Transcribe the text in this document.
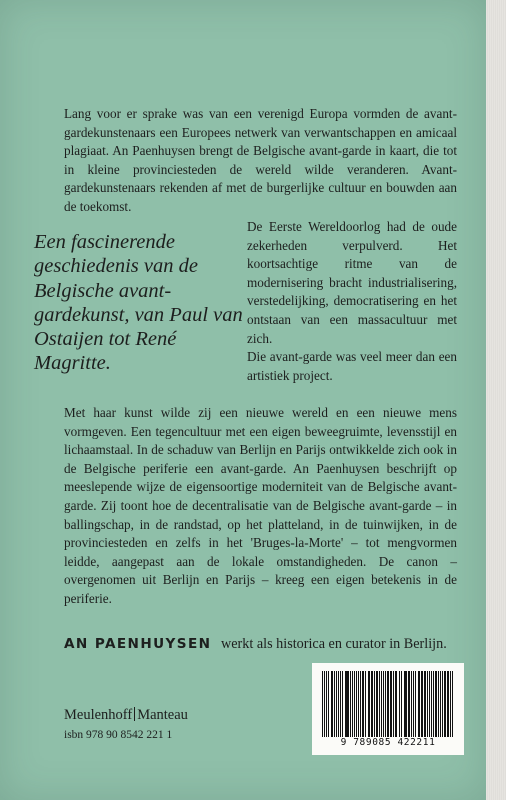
Lang voor er sprake was van een verenigd Europa vormden de avant-gardekunstenaars een Europees netwerk van verwantschappen en amicaal plagiaat. An Paenhuysen brengt de Belgische avant-garde in kaart, die tot in kleine provinciesteden de wereld wilde veranderen. Avant-gardekunstenaars rekenden af met de burgerlijke cultuur en bouwden aan de toekomst.

De Eerste Wereldoorlog had de oude zekerheden verpulverd. Het koortsachtige ritme van de modernisering bracht industrialisering, verstedelijking, democratisering en het ontstaan van een massacultuur met zich.

Die avant-garde was veel meer dan een artistiek project.

Met haar kunst wilde zij een nieuwe wereld en een nieuwe mens vormgeven. Een tegencultuur met een eigen beweegruimte, levensstijl en lichaamstaal. In de schaduw van Berlijn en Parijs ontwikkelde zich ook in de Belgische periferie een avant-garde. An Paenhuysen beschrijft op meeslepende wijze de eigensoortige moderniteit van de Belgische avant-garde. Zij toont hoe de decentralisatie van de Belgische avant-garde – in ballingschap, in de randstad, op het platteland, in de tuinwijken, in de provinciesteden en zelfs in het 'Bruges-la-Morte' – tot mengvormen leidde, aangepast aan de lokale omstandigheden. De canon – overgenomen uit Berlijn en Parijs – kreeg een eigen betekenis in de periferie.

Een fascinerende geschiedenis van de Belgische avant-gardekunst, van Paul van Ostaijen tot René Magritte.

AN PAENHUYSEN werkt als historica en curator in Berlijn.
Meulenhoff Manteau
isbn 978 90 8542 221 1
9 789085 422211
